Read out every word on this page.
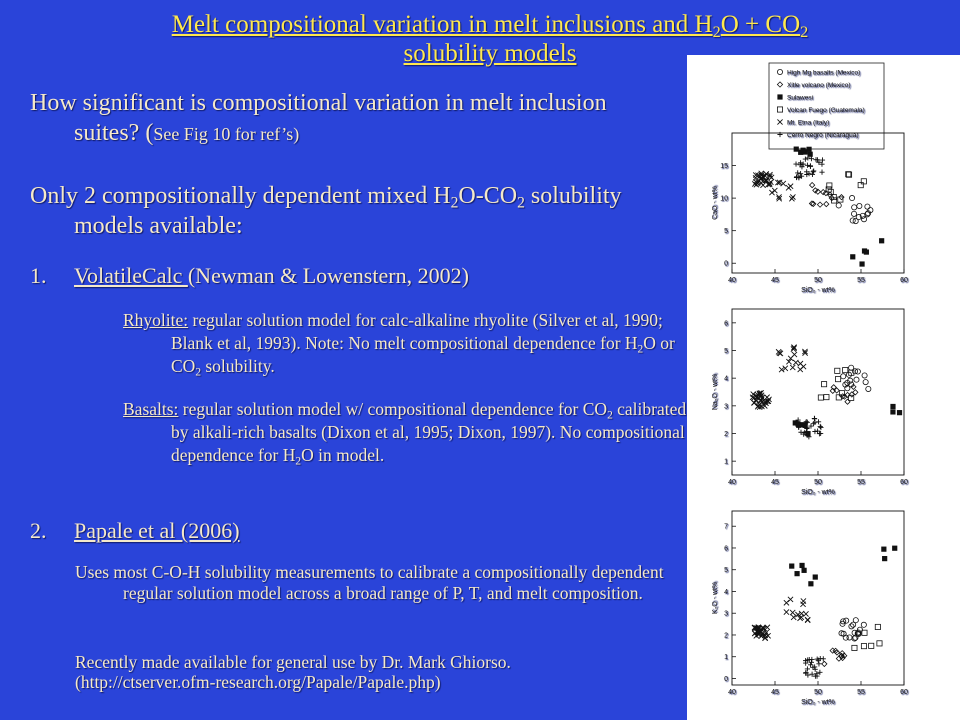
Melt compositional variation in melt inclusions and $H_2O + CO_2$
solubility models
How significant is compositional variation in melt inclusion suites? (See Fig 10 for ref’s)
Only 2 compositionally dependent mixed $H_2O-CO_2$ solubility models available:
1.	VolatileCalc (Newman & Lowenstern, 2002)
Rhyolite: regular solution model for calc-alkaline rhyolite (Silver et al, 1990; Blank et al, 1993). Note: No melt compositional dependence for $H_2O$ or $CO_2$ solubility.
Basalts: regular solution model w/ compositional dependence for $CO_2$ calibrated by alkali-rich basalts (Dixon et al, 1995; Dixon, 1997). No compositional dependence for $H_2O$ in model.
2.	Papale et al (2006)
Uses most C-O-H solubility measurements to calibrate a compositionally dependent regular solution model across a broad range of P, T, and melt composition.
Recently made available for general use by Dr. Mark Ghiorso.
(http://ctserver.ofm-research.org/Papale/Papale.php)
High Mg basalts (Mexico)
Xitle volcano (Mexico)
Sulawesi
Volcan Fuego (Guatemala)
Mt. Etna (Italy)
Cerro Negro (Nicaragua)
0
5
10
15
40	45	50	55	60
SiO₂ - wt%
CaO - wt%
1
2
3
4
5
6
40	45	50	55	60
SiO₂ - wt%
Na₂O - wt%
0
1
2
3
4
5
6
7
40	45	50	55	60
SiO₂ - wt%
K₂O - wt%
